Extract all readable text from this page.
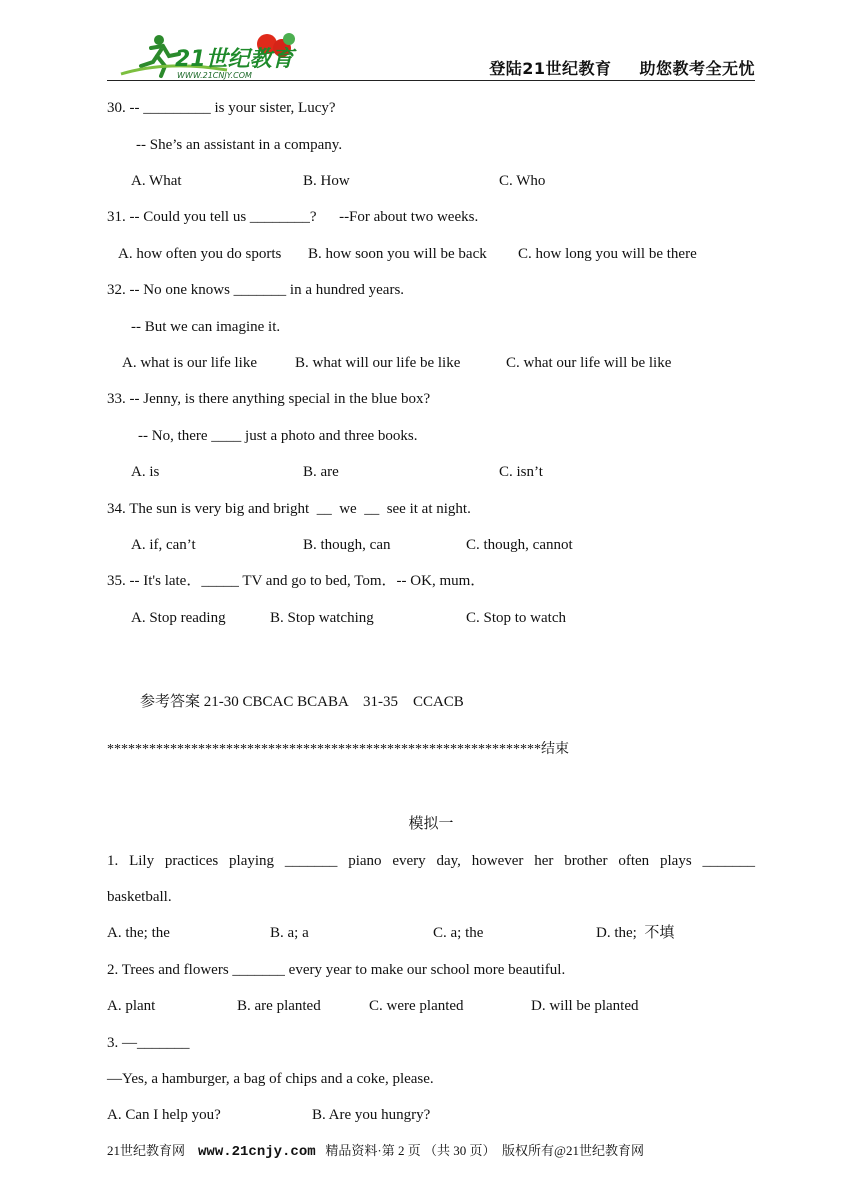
21世纪教育
WWW.21CNJY.COM	登陆21世纪教育 助您教考全无忧
30. -- _________ is your sister, Lucy?
-- She’s an assistant in a company.
A. What	B. How	C. Who
31. -- Could you tell us ________?      --For about two weeks.
A. how often you do sports B. how soon you will be back C. how long you will be there
32. -- No one knows _______ in a hundred years.
-- But we can imagine it.
A. what is our life like	B. what will our life be like	C. what our life will be like
33. -- Jenny, is there anything special in the blue box?
-- No, there ____ just a photo and three books.
A. is	B. are	C. isn’t
34. The sun is very big and bright  __  we  __  see it at night.
A. if, can’t	B. though, can	C. though, cannot
35. -- It's late．_____ TV and go to bed, Tom．-- OK, mum．
A. Stop reading	B. Stop watching	C. Stop to watch
参考答案 21-30 CBCAC BCABA    31-35    CCACB
**************************************************************结束
模拟一
1. Lily practices playing _______ piano every day, however her brother often plays _______
basketball.
A. the; the	B. a; a	C. a; the	D. the;  不填
2. Trees and flowers _______ every year to make our school more beautiful.
A. plant	B. are planted	C. were planted	D. will be planted
3. —_______
—Yes, a hamburger, a bag of chips and a coke, please.
A. Can I help you?	B. Are you hungry?
21世纪教育网 www.21cnjy.com 精品资料·第 2 页 （共 30 页） 版权所有@21世纪教育网
